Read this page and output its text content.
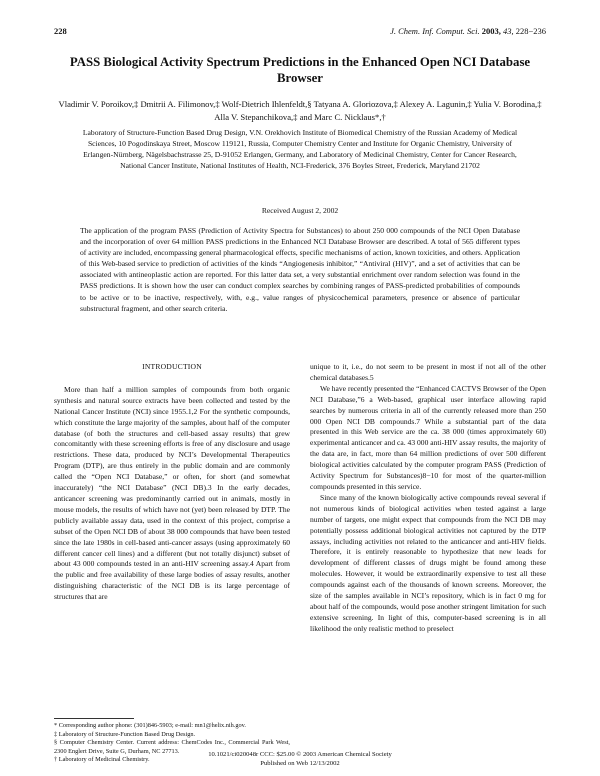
228	J. Chem. Inf. Comput. Sci. 2003, 43, 228−236
PASS Biological Activity Spectrum Predictions in the Enhanced Open NCI Database Browser
Vladimir V. Poroikov,‡ Dmitrii A. Filimonov,‡ Wolf-Dietrich Ihlenfeldt,§ Tatyana A. Gloriozova,‡ Alexey A. Lagunin,‡ Yulia V. Borodina,‡ Alla V. Stepanchikova,‡ and Marc C. Nicklaus*,†
Laboratory of Structure-Function Based Drug Design, V.N. Orekhovich Institute of Biomedical Chemistry of the Russian Academy of Medical Sciences, 10 Pogodinskaya Street, Moscow 119121, Russia, Computer Chemistry Center and Institute for Organic Chemistry, University of Erlangen-Nürnberg, Nägelsbachstrasse 25, D-91052 Erlangen, Germany, and Laboratory of Medicinal Chemistry, Center for Cancer Research, National Cancer Institute, National Institutes of Health, NCI-Frederick, 376 Boyles Street, Frederick, Maryland 21702
Received August 2, 2002
The application of the program PASS (Prediction of Activity Spectra for Substances) to about 250 000 compounds of the NCI Open Database and the incorporation of over 64 million PASS predictions in the Enhanced NCI Database Browser are described. A total of 565 different types of activity are included, encompassing general pharmacological effects, specific mechanisms of action, known toxicities, and others. Application of this Web-based service to prediction of activities of the kinds “Angiogenesis inhibitor,” “Antiviral (HIV)”, and a set of activities that can be associated with antineoplastic action are reported. For this latter data set, a very substantial enrichment over random selection was found in the PASS predictions. It is shown how the user can conduct complex searches by combining ranges of PASS-predicted probabilities of compounds to be active or to be inactive, respectively, with, e.g., value ranges of physicochemical parameters, presence or absence of particular substructural fragment, and other search criteria.
INTRODUCTION

More than half a million samples of compounds from both organic synthesis and natural source extracts have been collected and tested by the National Cancer Institute (NCI) since 1955.1,2 For the synthetic compounds, which constitute the large majority of the samples, about half of the computer database (of both the structures and cell-based assay results) that grew concomitantly with these screening efforts is free of any disclosure and usage restrictions. These data, produced by NCI’s Developmental Therapeutics Program (DTP), are thus entirely in the public domain and are commonly called the “Open NCI Database,” or often, for short (and somewhat inaccurately) “the NCI Database” (NCI DB).3 In the early decades, anticancer screening was predominantly carried out in animals, mostly in mouse models, the results of which have not (yet) been released by DTP. The publicly available assay data, used in the context of this project, comprise a subset of the Open NCI DB of about 38 000 compounds that have been tested since the late 1980s in cell-based anti-cancer assays (using approximately 60 different cancer cell lines) and a different (but not totally disjunct) subset of about 43 000 compounds tested in an anti-HIV screening assay.4 Apart from the public and free availability of these large bodies of assay results, another distinguishing characteristic of the NCI DB is its large percentage of structures that are

unique to it, i.e., do not seem to be present in most if not all of the other chemical databases.5

We have recently presented the “Enhanced CACTVS Browser of the Open NCI Database,”6 a Web-based, graphical user interface allowing rapid searches by numerous criteria in all of the currently released more than 250 000 Open NCI DB compounds.7 While a substantial part of the data presented in this Web service are the ca. 38 000 (times approximately 60) experimental anticancer and ca. 43 000 anti-HIV assay results, the majority of the data are, in fact, more than 64 million predictions of over 500 different biological activities calculated by the computer program PASS (Prediction of Activity Spectrum for Substances)8−10 for most of the quarter-million compounds presented in this service.

Since many of the known biologically active compounds reveal several if not numerous kinds of biological activities when tested against a large number of targets, one might expect that compounds from the NCI DB may potentially possess additional biological activities not captured by the DTP assays, including activities not related to the anticancer and anti-HIV fields. Therefore, it is entirely reasonable to hypothesize that new leads for development of different classes of drugs might be found among these molecules. However, it would be extraordinarily expensive to test all these compounds against each of the thousands of known screens. Moreover, the size of the samples available in NCI’s repository, which is in fact 0 mg for about half of the compounds, would pose another stringent limitation for such extensive screening. In light of this, computer-based screening is in all likelihood the only realistic method to preselect

* Corresponding author phone: (301)846-5903; e-mail: mn1@helix.nih.gov.
‡ Laboratory of Structure-Function Based Drug Design.
§ Computer Chemistry Center. Current address: ChemCodes Inc., Commercial Park West, 2300 Englert Drive, Suite G, Durham, NC 27713.
† Laboratory of Medicinal Chemistry.
10.1021/ci020048r CCC: $25.00 © 2003 American Chemical Society
Published on Web 12/13/2002
